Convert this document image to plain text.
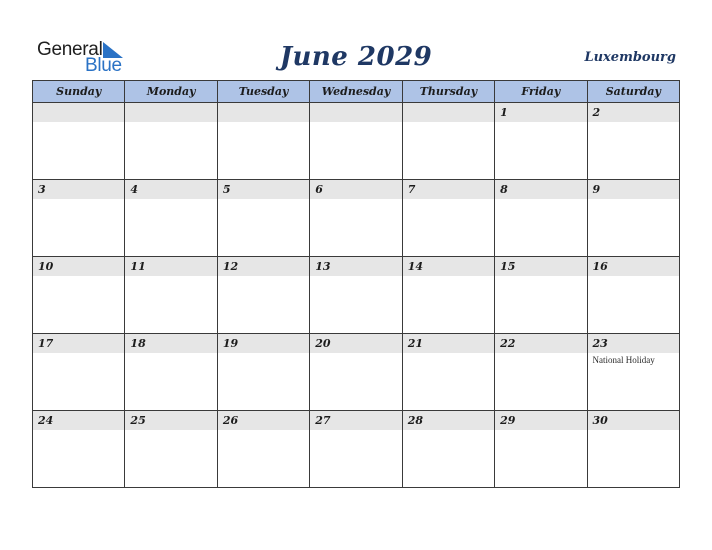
General
Blue	June 2029	Luxembourg
Sunday	Monday	Tuesday	Wednesday	Thursday	Friday	Saturday

					1	2

3	4	5	6	7	8	9

10	11	12	13	14	15	16

17	18	19	20	21	22	23
National Holiday

24	25	26	27	28	29	30
